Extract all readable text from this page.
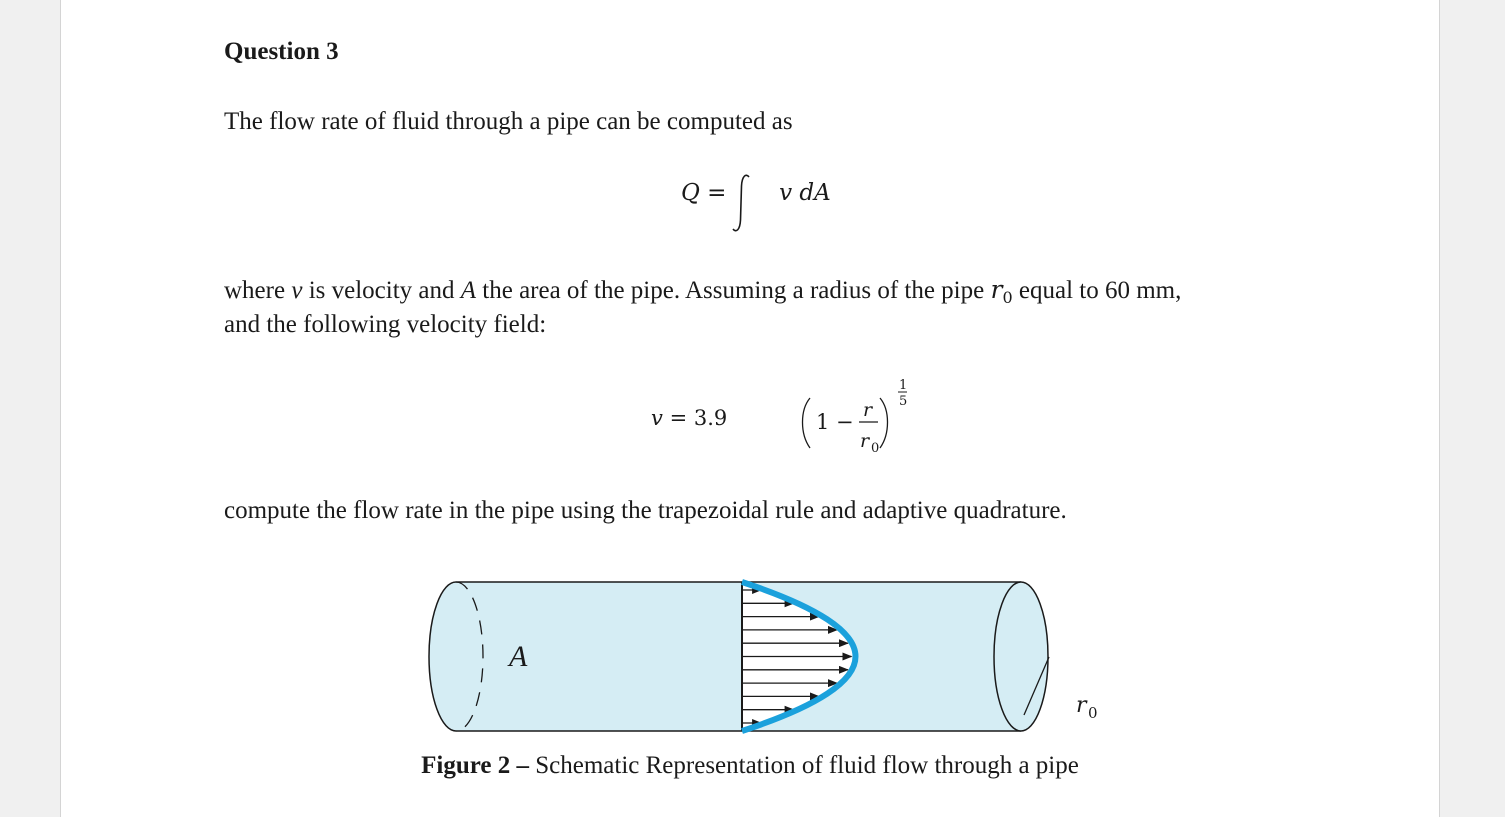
Question 3
The flow rate of fluid through a pipe can be computed as
Q = v dA
where v is velocity and A the area of the pipe. Assuming a radius of the pipe $r_0$ equal to 60 mm,
and the following velocity field:
v = 3.9	1 − r
r 0
1
5
compute the flow rate in the pipe using the trapezoidal rule and adaptive quadrature.
A
r 0
Figure 2 – Schematic Representation of fluid flow through a pipe
